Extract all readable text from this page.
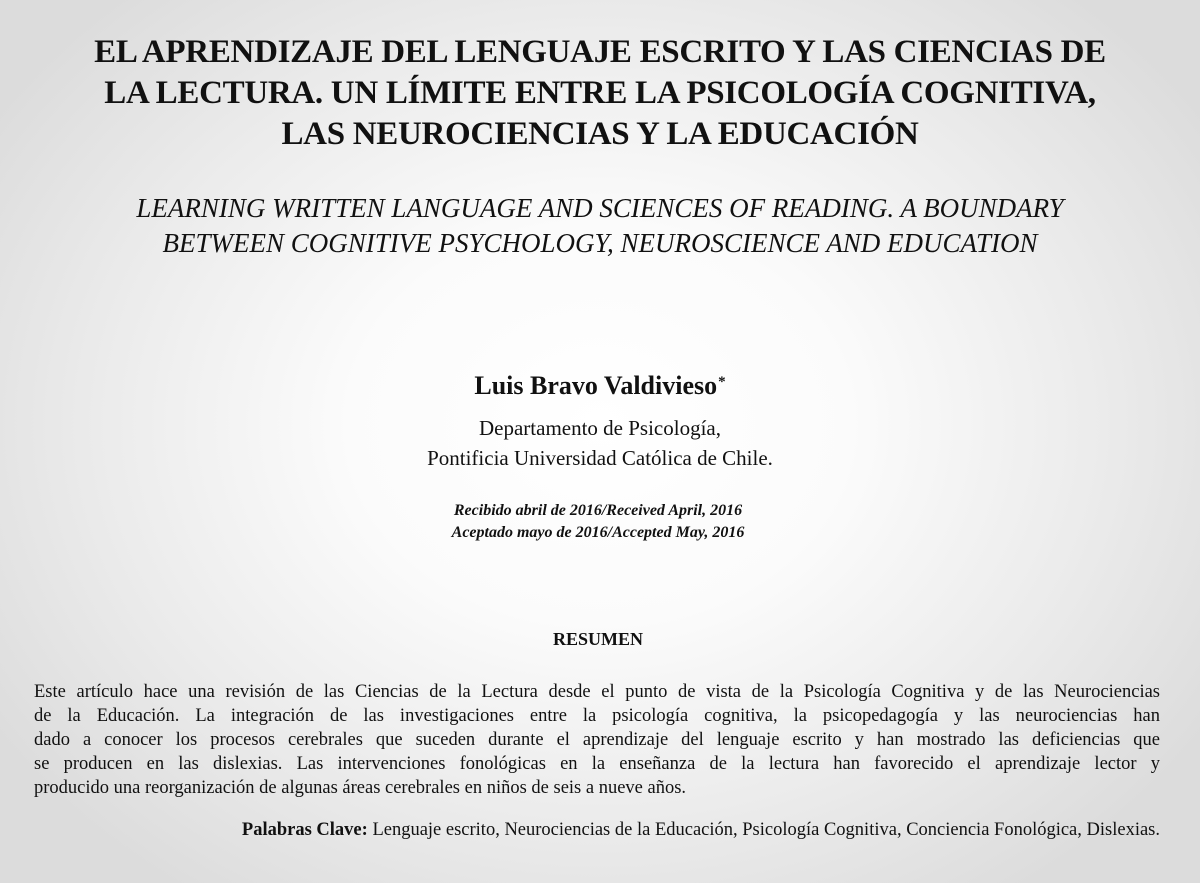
EL APRENDIZAJE DEL LENGUAJE ESCRITO Y LAS CIENCIAS DE
LA LECTURA. UN LÍMITE ENTRE LA PSICOLOGÍA COGNITIVA,
LAS NEUROCIENCIAS Y LA EDUCACIÓN
LEARNING WRITTEN LANGUAGE AND SCIENCES OF READING. A BOUNDARY
BETWEEN COGNITIVE PSYCHOLOGY, NEUROSCIENCE AND EDUCATION
Luis Bravo Valdivieso*
Departamento de Psicología,
Pontificia Universidad Católica de Chile.
Recibido abril de 2016/Received April, 2016
Aceptado mayo de 2016/Accepted May, 2016
RESUMEN
Este artículo hace una revisión de las Ciencias de la Lectura desde el punto de vista de la Psicología Cognitiva y de las Neurociencias
de la Educación. La integración de las investigaciones entre la psicología cognitiva, la psicopedagogía y las neurociencias han
dado a conocer los procesos cerebrales que suceden durante el aprendizaje del lenguaje escrito y han mostrado las deficiencias que
se producen en las dislexias. Las intervenciones fonológicas en la enseñanza de la lectura han favorecido el aprendizaje lector y
producido una reorganización de algunas áreas cerebrales en niños de seis a nueve años.
Palabras Clave: Lenguaje escrito, Neurociencias de la Educación, Psicología Cognitiva, Conciencia Fonológica, Dislexias.
